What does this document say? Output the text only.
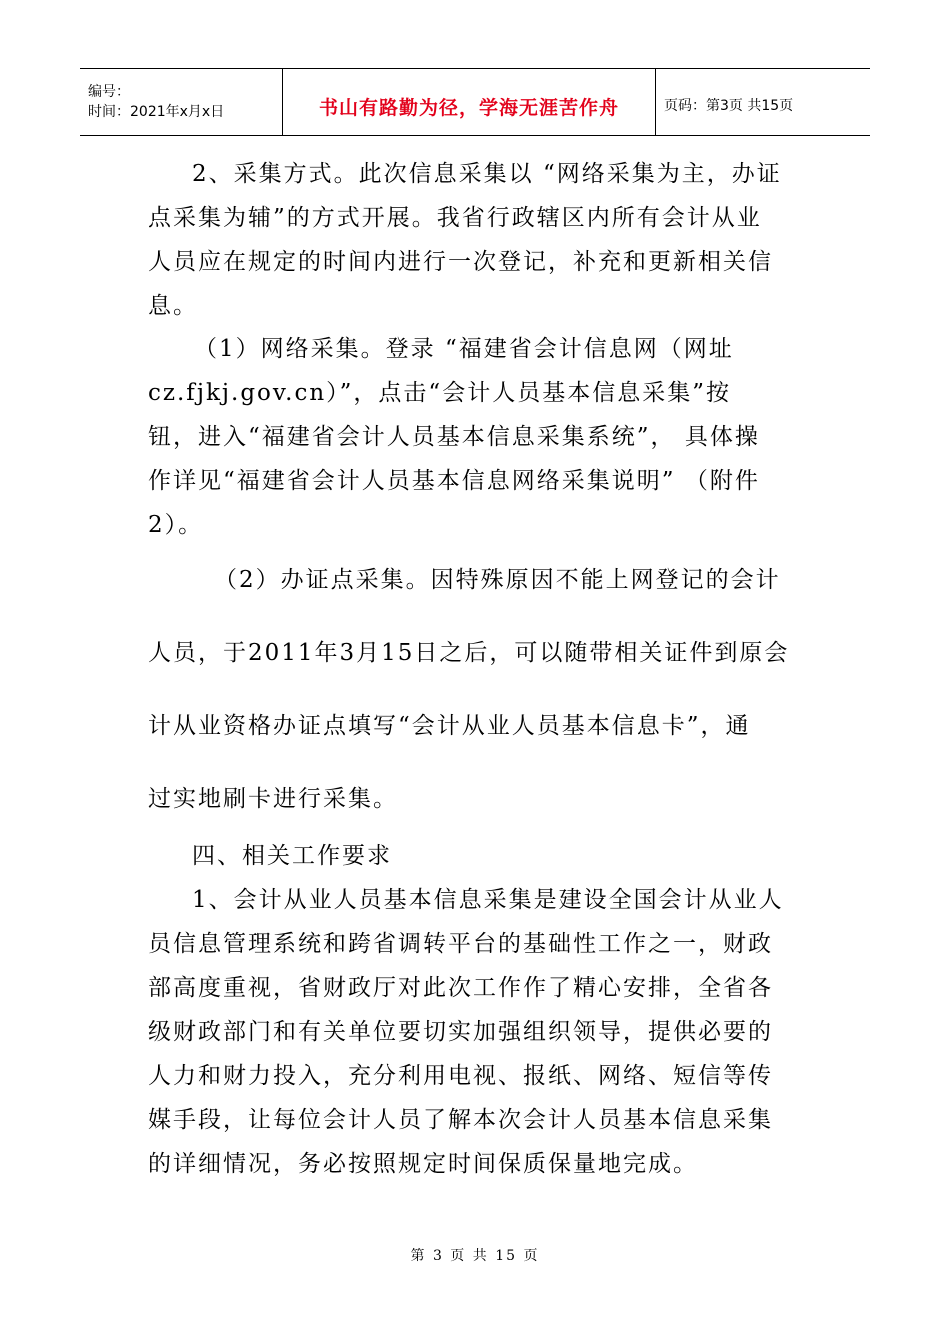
编号：
时间：2021年x月x日	书山有路勤为径，学海无涯苦作舟	页码：第3页 共15页
2、采集方式。此次信息采集以 “网络采集为主，办证
点采集为辅”的方式开展。我省行政辖区内所有会计从业
人员应在规定的时间内进行一次登记，补充和更新相关信
息。
（1）网络采集。登录 “福建省会计信息网（网址
cz.fjkj.gov.cn）”，点击“会计人员基本信息采集”按
钮，进入“福建省会计人员基本信息采集系统”， 具体操
作详见“福建省会计人员基本信息网络采集说明” （附件
2）。
（2）办证点采集。因特殊原因不能上网登记的会计
人员，于2011年3月15日之后，可以随带相关证件到原会
计从业资格办证点填写“会计从业人员基本信息卡”，通
过实地刷卡进行采集。
四、相关工作要求
1、会计从业人员基本信息采集是建设全国会计从业人
员信息管理系统和跨省调转平台的基础性工作之一，财政
部高度重视，省财政厅对此次工作作了精心安排，全省各
级财政部门和有关单位要切实加强组织领导，提供必要的
人力和财力投入，充分利用电视、报纸、网络、短信等传
媒手段，让每位会计人员了解本次会计人员基本信息采集
的详细情况，务必按照规定时间保质保量地完成。
第 3 页 共 15 页
